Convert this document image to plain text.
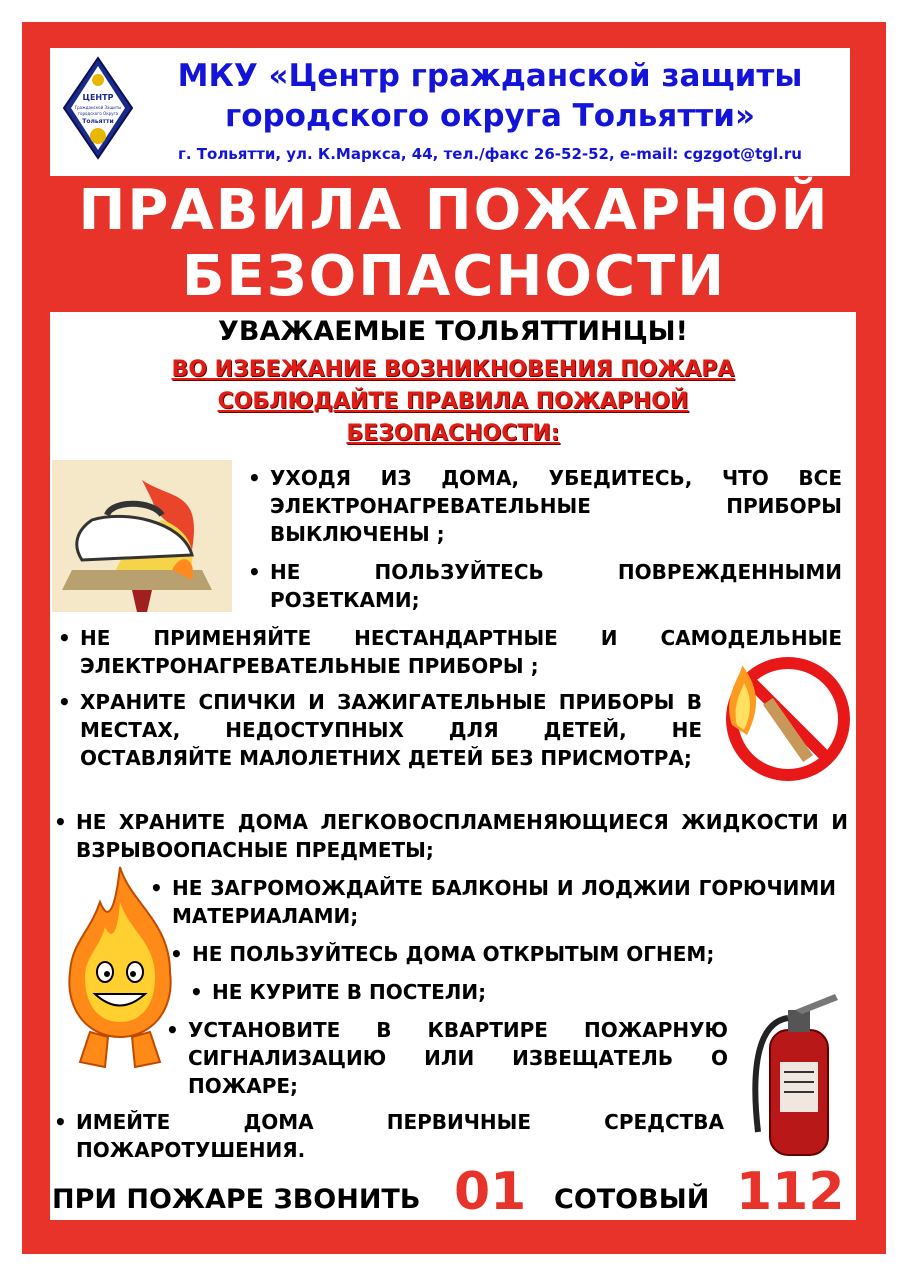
ЦЕНТР
Гражданской Защиты
городского Округа
Тольятти
МКУ «Центр гражданской защиты
городского округа Тольятти»
г. Тольятти, ул. К.Маркса, 44, тел./факс 26-52-52, e-mail: cgzgot@tgl.ru
ПРАВИЛА ПОЖАРНОЙ
БЕЗОПАСНОСТИ
УВАЖАЕМЫЕ ТОЛЬЯТТИНЦЫ!
ВО ИЗБЕЖАНИЕ ВОЗНИКНОВЕНИЯ ПОЖАРА
СОБЛЮДАЙТЕ ПРАВИЛА ПОЖАРНОЙ
БЕЗОПАСНОСТИ:
• УХОДЯ ИЗ ДОМА, УБЕДИТЕСЬ, ЧТО ВСЕ ЭЛЕКТРОНАГРЕВАТЕЛЬНЫЕ ПРИБОРЫ ВЫКЛЮЧЕНЫ ;
• НЕ ПОЛЬЗУЙТЕСЬ ПОВРЕЖДЕННЫМИ РОЗЕТКАМИ;
• НЕ ПРИМЕНЯЙТЕ НЕСТАНДАРТНЫЕ И САМОДЕЛЬНЫЕ ЭЛЕКТРОНАГРЕВАТЕЛЬНЫЕ ПРИБОРЫ ;
• ХРАНИТЕ СПИЧКИ И ЗАЖИГАТЕЛЬНЫЕ ПРИБОРЫ В МЕСТАХ, НЕДОСТУПНЫХ ДЛЯ ДЕТЕЙ, НЕ ОСТАВЛЯЙТЕ МАЛОЛЕТНИХ ДЕТЕЙ БЕЗ ПРИСМОТРА;
• НЕ ХРАНИТЕ ДОМА ЛЕГКОВОСПЛАМЕНЯЮЩИЕСЯ ЖИДКОСТИ И ВЗРЫВООПАСНЫЕ ПРЕДМЕТЫ;
• НЕ ЗАГРОМОЖДАЙТЕ БАЛКОНЫ И ЛОДЖИИ ГОРЮЧИМИ МАТЕРИАЛАМИ;
• НЕ ПОЛЬЗУЙТЕСЬ ДОМА ОТКРЫТЫМ ОГНЕМ;
• НЕ КУРИТЕ В ПОСТЕЛИ;
• УСТАНОВИТЕ В КВАРТИРЕ ПОЖАРНУЮ СИГНАЛИЗАЦИЮ ИЛИ ИЗВЕЩАТЕЛЬ О ПОЖАРЕ;
• ИМЕЙТЕ ДОМА ПЕРВИЧНЫЕ СРЕДСТВА ПОЖАРОТУШЕНИЯ.
ПРИ ПОЖАРЕ ЗВОНИТЬ 01 СОТОВЫЙ 112
